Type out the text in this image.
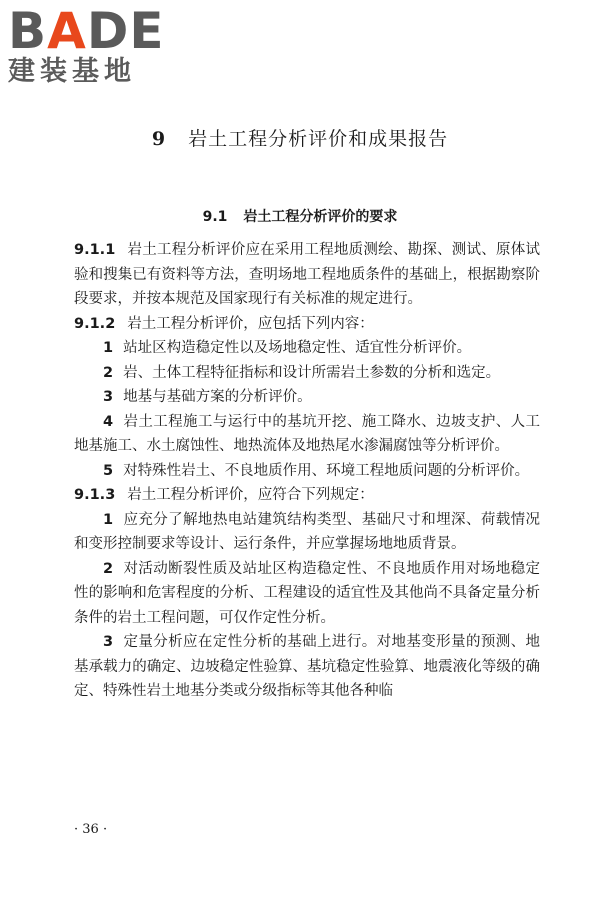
BADE
建装基地
9 岩土工程分析评价和成果报告
9.1 岩土工程分析评价的要求

9.1.1 岩土工程分析评价应在采用工程地质测绘、勘探、测试、原体试验和搜集已有资料等方法，查明场地工程地质条件的基础上，根据勘察阶段要求，并按本规范及国家现行有关标准的规定进行。

9.1.2 岩土工程分析评价，应包括下列内容：

1 站址区构造稳定性以及场地稳定性、适宜性分析评价。

2 岩、土体工程特征指标和设计所需岩土参数的分析和选定。

3 地基与基础方案的分析评价。

4 岩土工程施工与运行中的基坑开挖、施工降水、边坡支护、人工地基施工、水土腐蚀性、地热流体及地热尾水渗漏腐蚀等分析评价。

5 对特殊性岩土、不良地质作用、环境工程地质问题的分析评价。

9.1.3 岩土工程分析评价，应符合下列规定：

1 应充分了解地热电站建筑结构类型、基础尺寸和埋深、荷载情况和变形控制要求等设计、运行条件，并应掌握场地地质背景。

2 对活动断裂性质及站址区构造稳定性、不良地质作用对场地稳定性的影响和危害程度的分析、工程建设的适宜性及其他尚不具备定量分析条件的岩土工程问题，可仅作定性分析。

3 定量分析应在定性分析的基础上进行。对地基变形量的预测、地基承载力的确定、边坡稳定性验算、基坑稳定性验算、地震液化等级的确定、特殊性岩土地基分类或分级指标等其他各种临

· 36 ·
